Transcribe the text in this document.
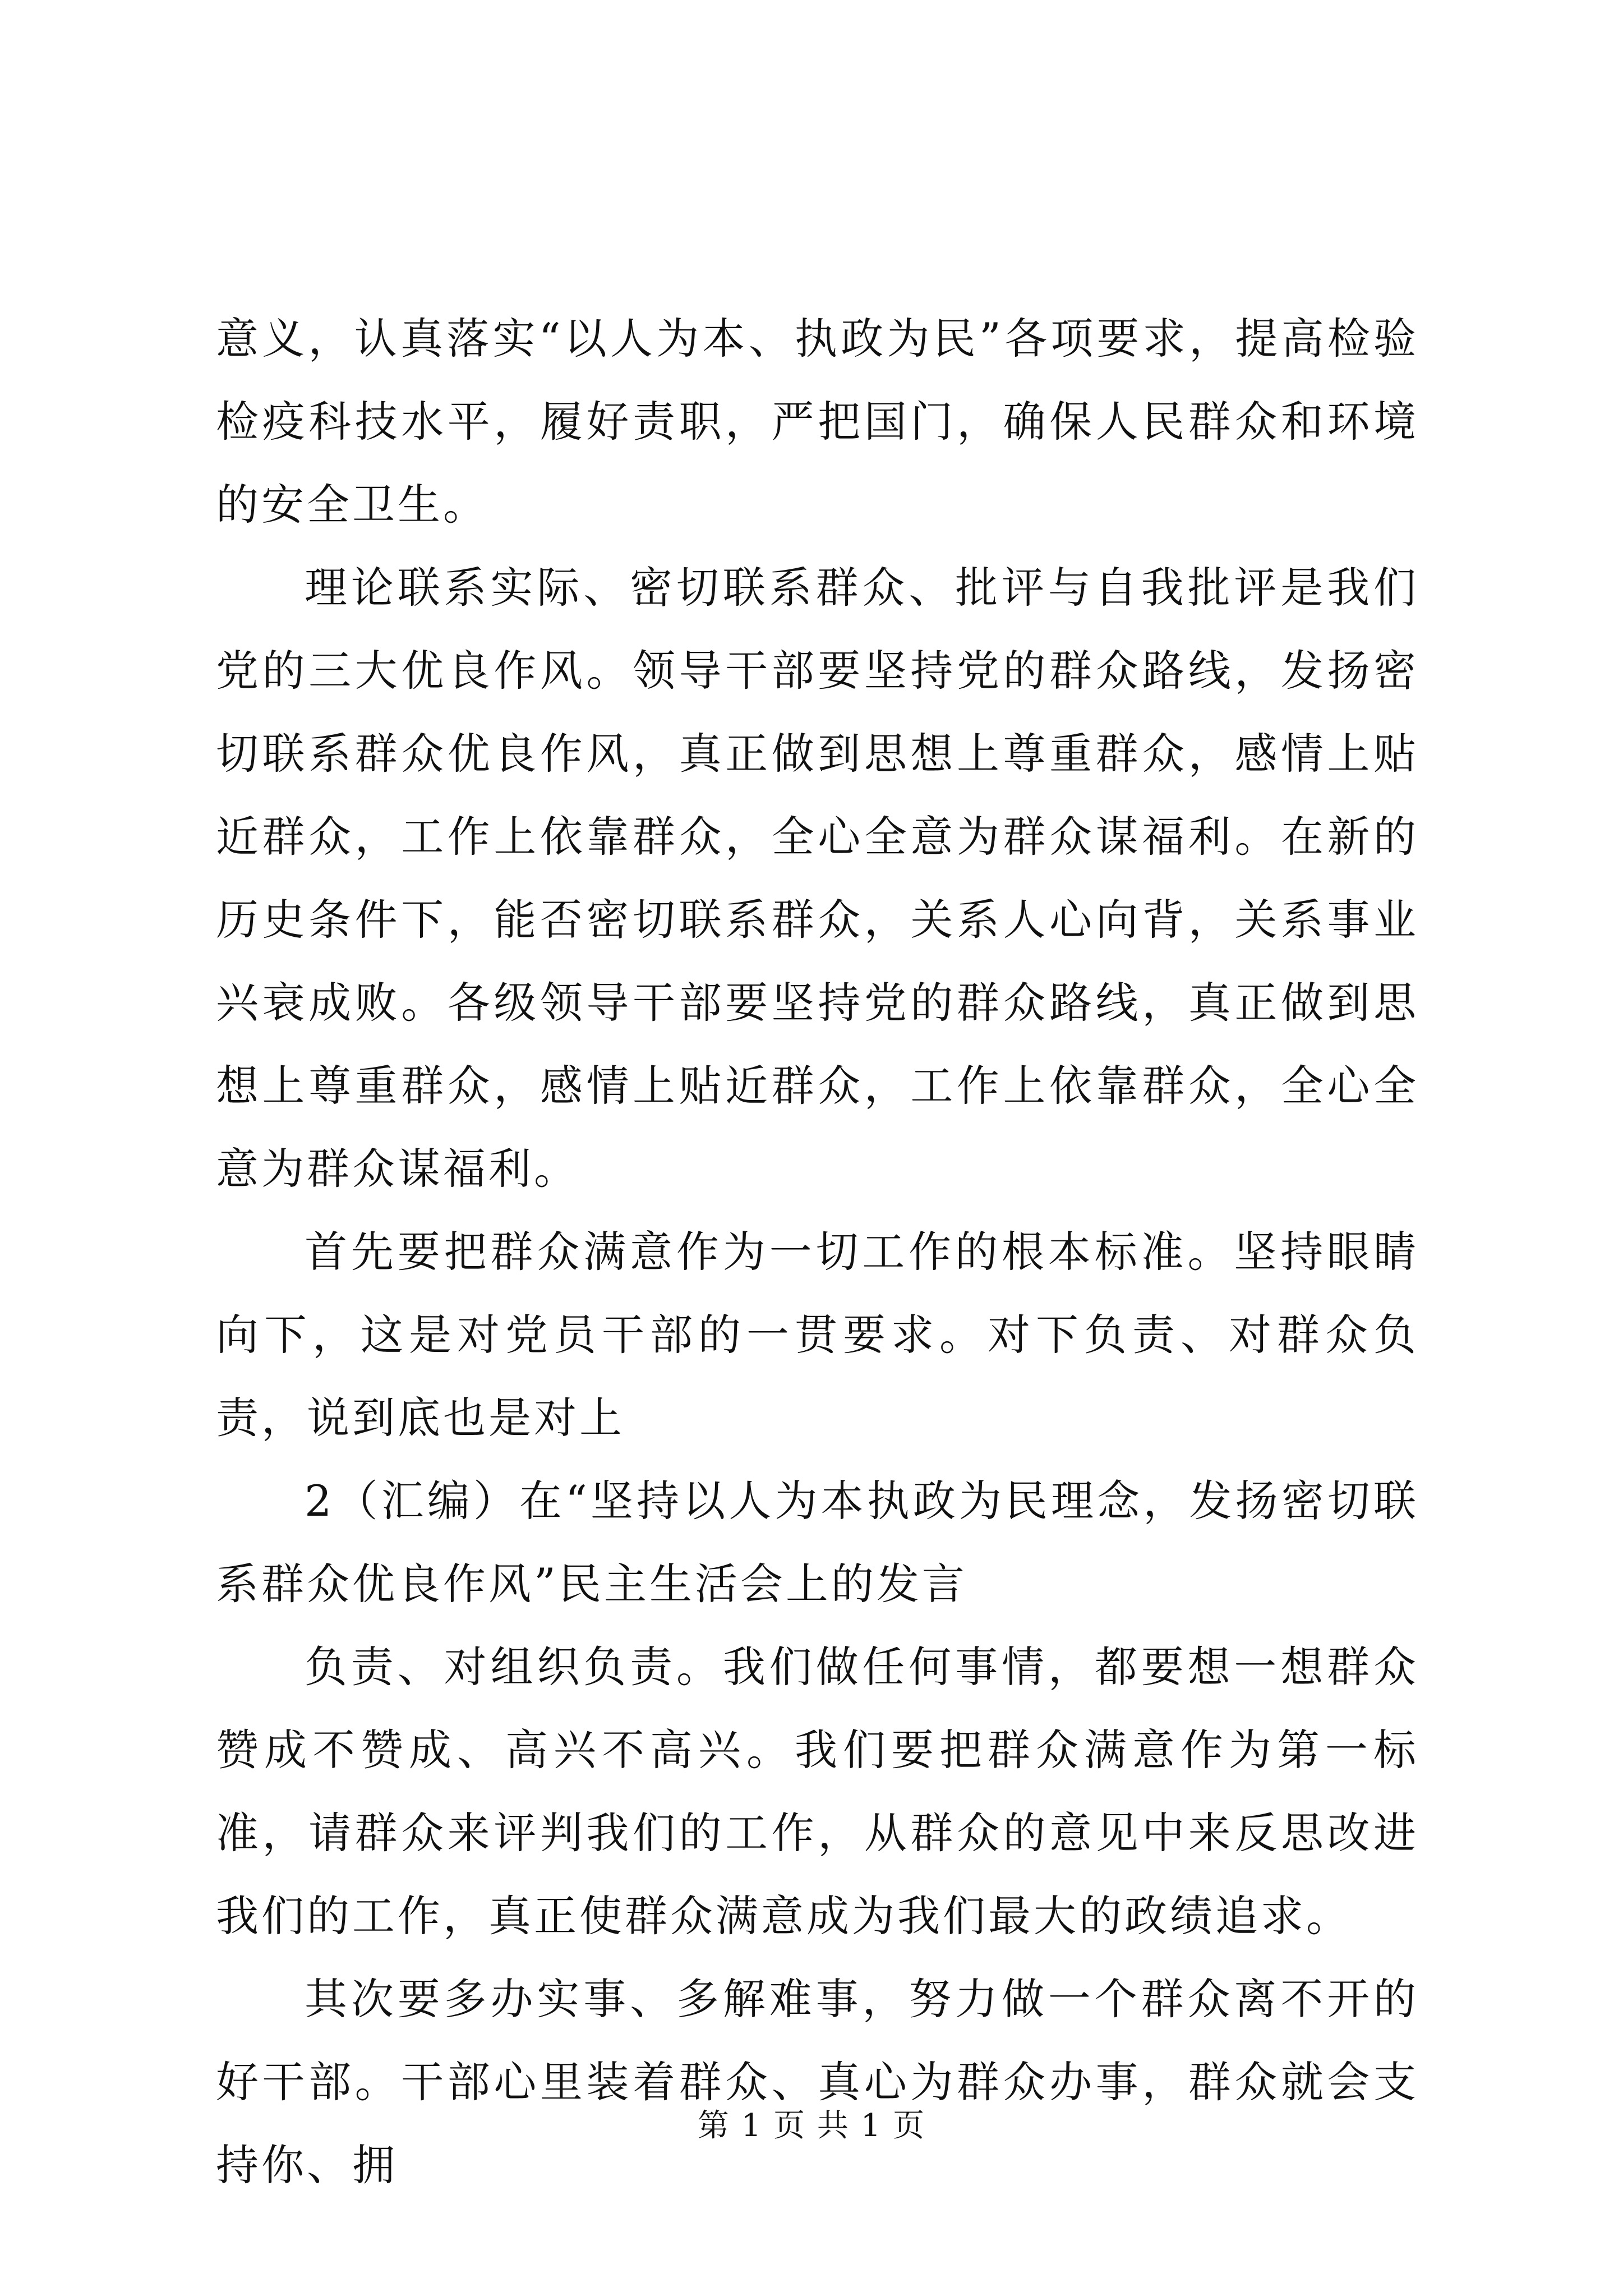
意义，认真落实“以人为本、执政为民”各项要求，提高检验检疫科技水平，履好责职，严把国门，确保人民群众和环境的安全卫生。

理论联系实际、密切联系群众、批评与自我批评是我们党的三大优良作风。领导干部要坚持党的群众路线，发扬密切联系群众优良作风，真正做到思想上尊重群众，感情上贴近群众，工作上依靠群众，全心全意为群众谋福利。在新的历史条件下，能否密切联系群众，关系人心向背，关系事业兴衰成败。各级领导干部要坚持党的群众路线，真正做到思想上尊重群众，感情上贴近群众，工作上依靠群众，全心全意为群众谋福利。

首先要把群众满意作为一切工作的根本标准。坚持眼睛向下，这是对党员干部的一贯要求。对下负责、对群众负责，说到底也是对上

2（汇编）在“坚持以人为本执政为民理念，发扬密切联系群众优良作风”民主生活会上的发言

负责、对组织负责。我们做任何事情，都要想一想群众赞成不赞成、高兴不高兴。我们要把群众满意作为第一标准，请群众来评判我们的工作，从群众的意见中来反思改进我们的工作，真正使群众满意成为我们最大的政绩追求。

其次要多办实事、多解难事，努力做一个群众离不开的好干部。干部心里装着群众、真心为群众办事，群众就会支持你、拥

第 1 页 共 1 页
